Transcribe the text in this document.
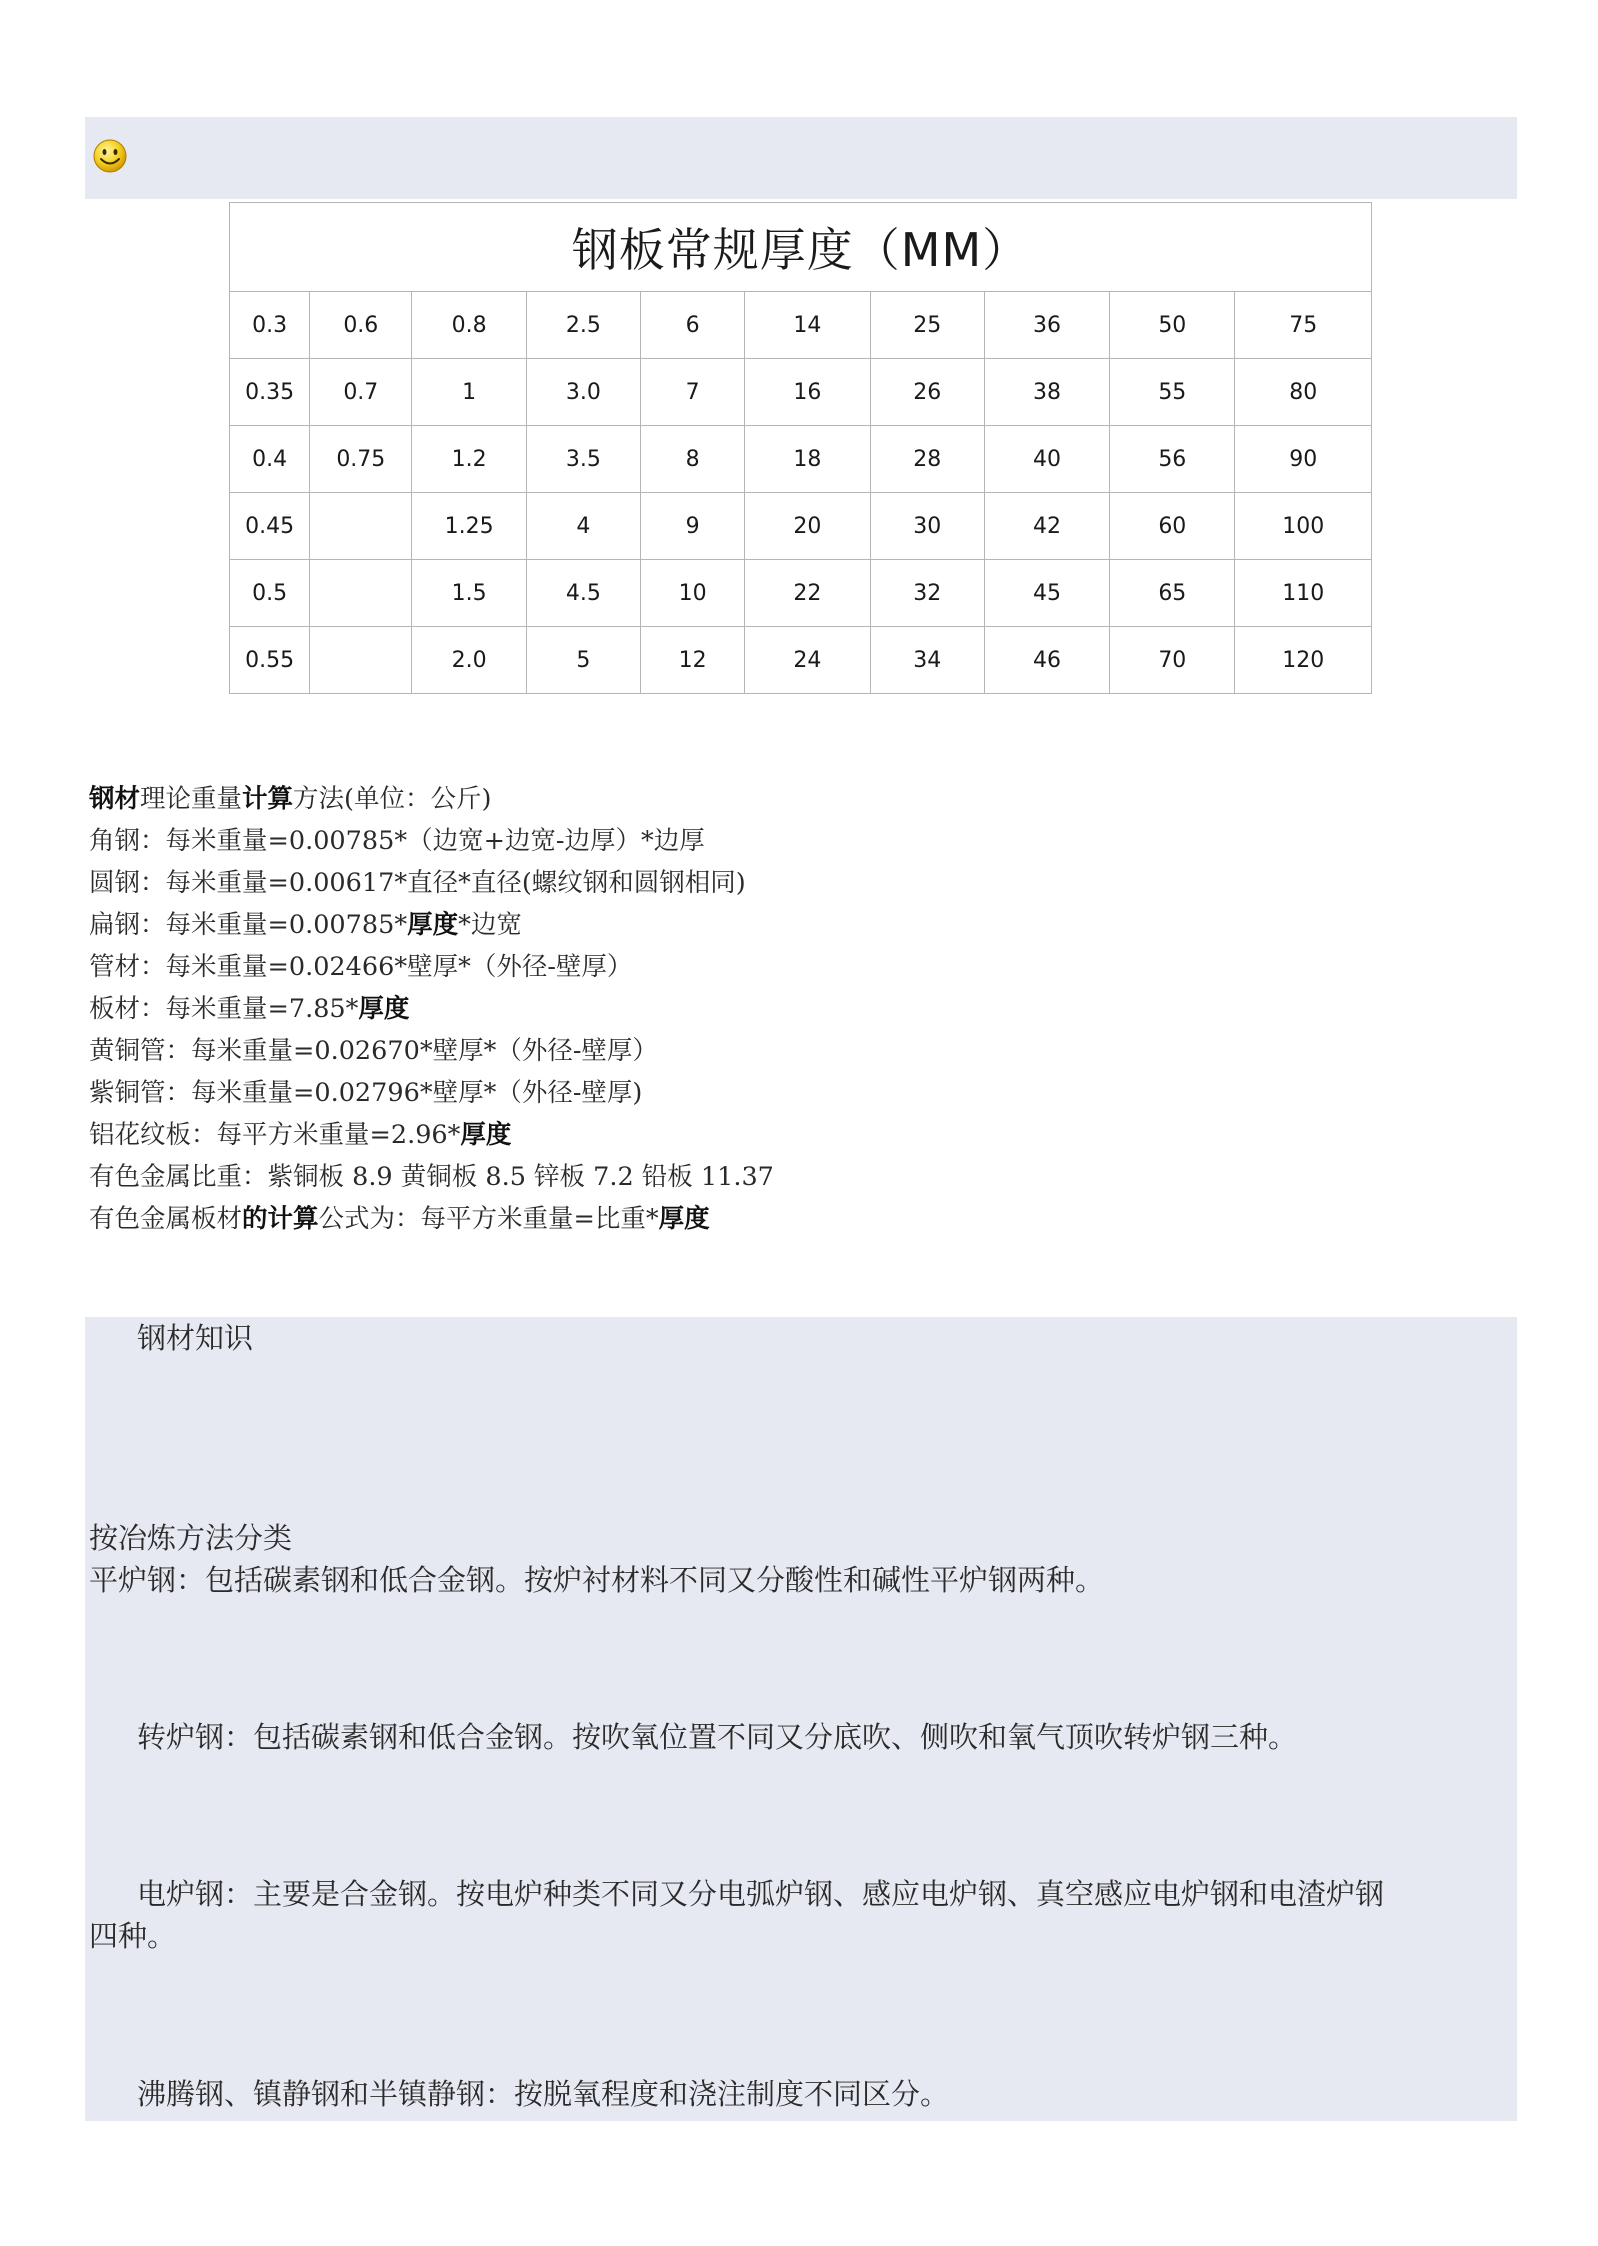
钢板常规厚度（MM）									
0.3	0.6	0.8	2.5	6	14	25	36	50	75
0.35	0.7	1	3.0	7	16	26	38	55	80
0.4	0.75	1.2	3.5	8	18	28	40	56	90
0.45		1.25	4	9	20	30	42	60	100
0.5		1.5	4.5	10	22	32	45	65	110
0.55		2.0	5	12	24	34	46	70	120
钢材理论重量计算方法(单位：公斤)
角钢：每米重量=0.00785*（边宽+边宽-边厚）*边厚
圆钢：每米重量=0.00617*直径*直径(螺纹钢和圆钢相同)
扁钢：每米重量=0.00785*厚度*边宽
管材：每米重量=0.02466*壁厚*（外径-壁厚）
板材：每米重量=7.85*厚度
黄铜管：每米重量=0.02670*壁厚*（外径-壁厚）
紫铜管：每米重量=0.02796*壁厚*（外径-壁厚)
铝花纹板：每平方米重量=2.96*厚度
有色金属比重：紫铜板 8.9 黄铜板 8.5 锌板 7.2 铅板 11.37
有色金属板材的计算公式为：每平方米重量=比重*厚度
钢材知识
按冶炼方法分类
平炉钢：包括碳素钢和低合金钢。按炉衬材料不同又分酸性和碱性平炉钢两种。
转炉钢：包括碳素钢和低合金钢。按吹氧位置不同又分底吹、侧吹和氧气顶吹转炉钢三种。
电炉钢：主要是合金钢。按电炉种类不同又分电弧炉钢、感应电炉钢、真空感应电炉钢和电渣炉钢
四种。
沸腾钢、镇静钢和半镇静钢：按脱氧程度和浇注制度不同区分。
